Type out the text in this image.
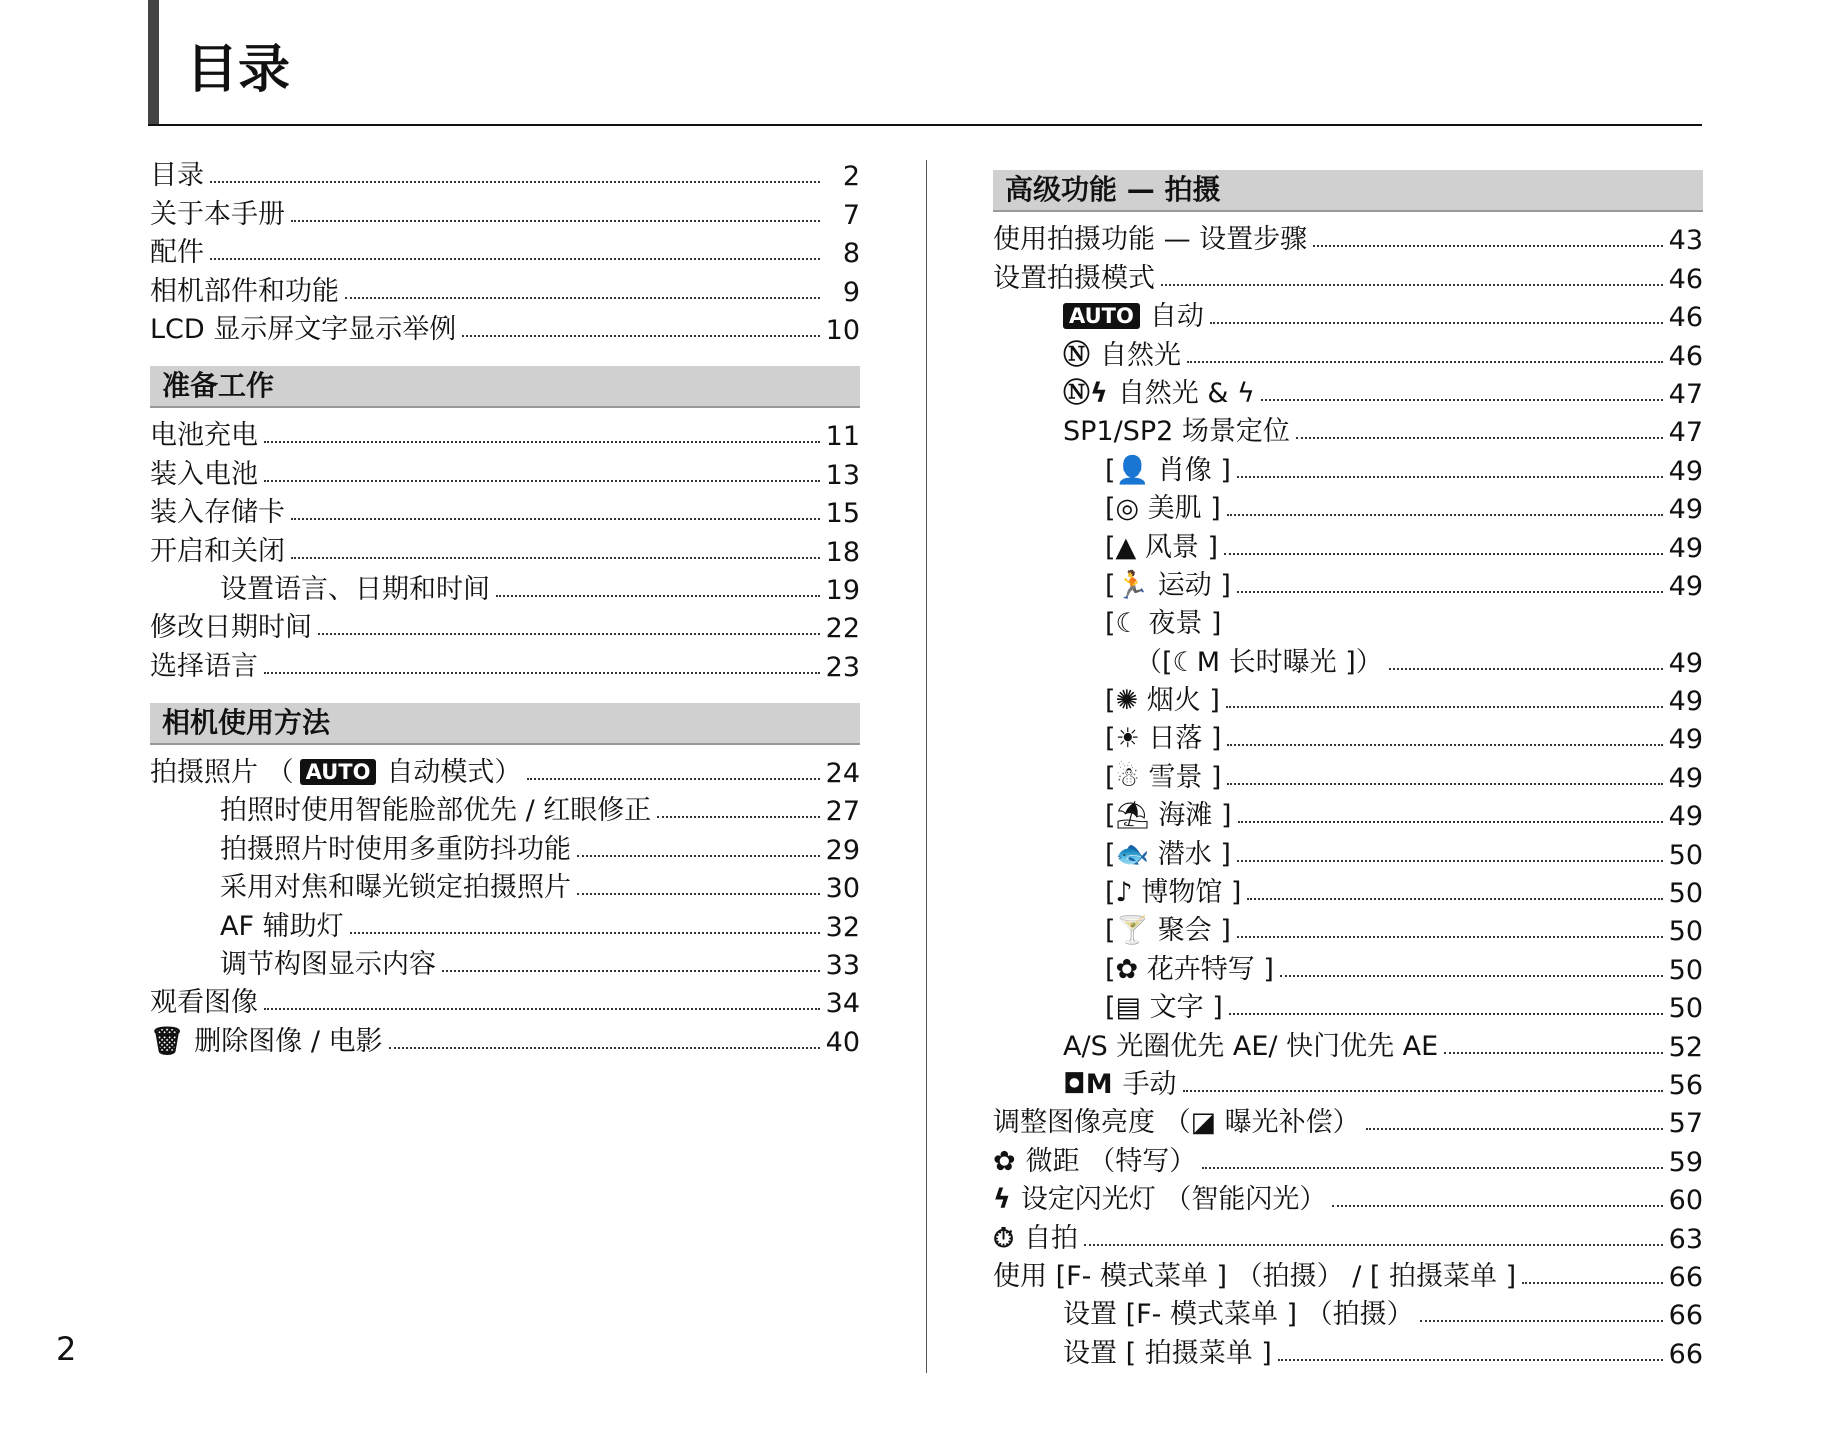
目录
2
目录	2
关于本手册	7
配件	8
相机部件和功能	9
LCD 显示屏文字显示举例	10
准备工作
电池充电	11
装入电池	13
装入存储卡	15
开启和关闭	18
设置语言、日期和时间	19
修改日期时间	22
选择语言	23
相机使用方法
拍摄照片 （ AUTO 自动模式）	24
拍照时使用智能脸部优先 / 红眼修正	27
拍摄照片时使用多重防抖功能	29
采用对焦和曝光锁定拍摄照片	30
AF 辅助灯	32
调节构图显示内容	33
观看图像	34
🗑 删除图像 / 电影	40
高级功能 — 拍摄
使用拍摄功能 — 设置步骤	43
设置拍摄模式	46
AUTO 自动	46
Ⓝ 自然光	46
Ⓝϟ 自然光 & ϟ	47
SP1/SP2 场景定位	47
[👤 肖像 ]	49
[◎ 美肌 ]	49
[▲ 风景 ]	49
[🏃 运动 ]	49
[☾ 夜景 ]
（[☾M 长时曝光 ]）	49
[✺ 烟火 ]	49
[☀ 日落 ]	49
[☃ 雪景 ]	49
[⛱ 海滩 ]	49
[🐟 潜水 ]	50
[♪ 博物馆 ]	50
[🍸 聚会 ]	50
[✿ 花卉特写 ]	50
[▤ 文字 ]	50
A/S 光圈优先 AE/ 快门优先 AE	52
◘M 手动	56
调整图像亮度 （◪ 曝光补偿）	57
✿ 微距 （特写）	59
ϟ 设定闪光灯 （智能闪光）	60
⏱ 自拍	63
使用 [F- 模式菜单 ] （拍摄） / [ 拍摄菜单 ]	66
设置 [F- 模式菜单 ] （拍摄）	66
设置 [ 拍摄菜单 ]	66
